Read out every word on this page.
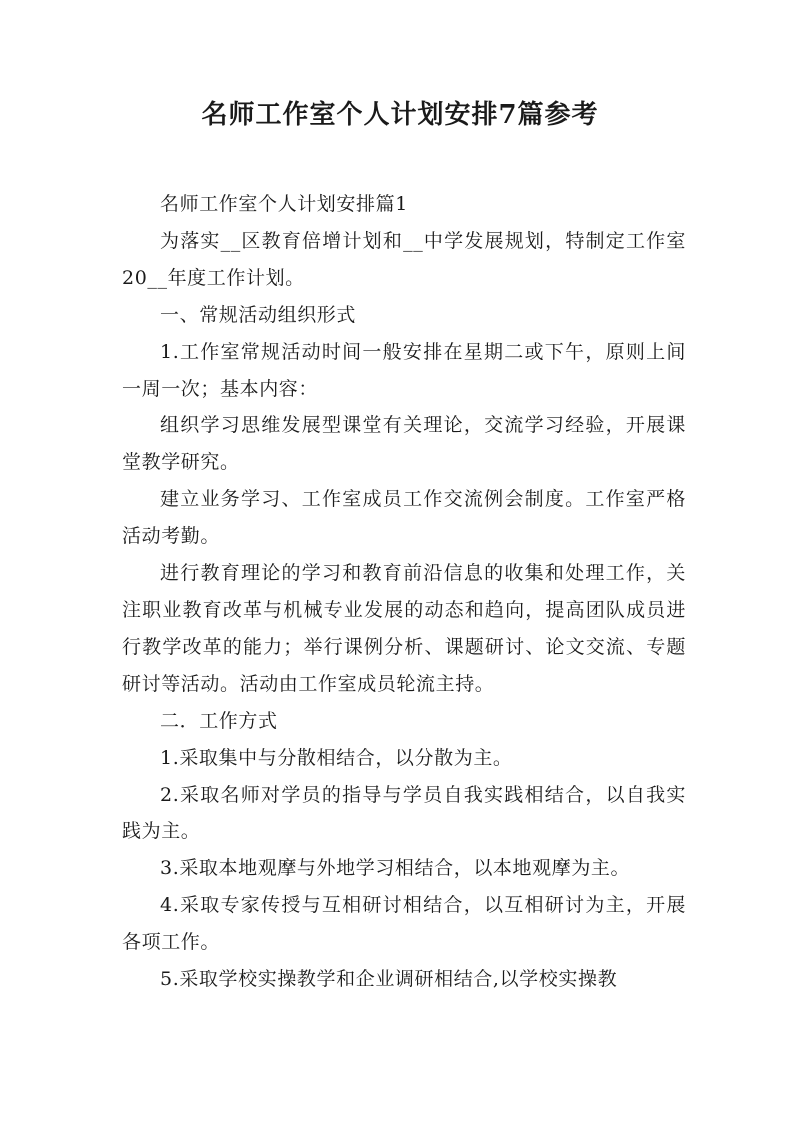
名师工作室个人计划安排7篇参考

名师工作室个人计划安排篇1

为落实__区教育倍增计划和__中学发展规划，特制定工作室20__年度工作计划。

一、常规活动组织形式

1.工作室常规活动时间一般安排在星期二或下午，原则上间一周一次；基本内容：

组织学习思维发展型课堂有关理论，交流学习经验，开展课堂教学研究。

建立业务学习、工作室成员工作交流例会制度。工作室严格活动考勤。

进行教育理论的学习和教育前沿信息的收集和处理工作，关注职业教育改革与机械专业发展的动态和趋向，提高团队成员进行教学改革的能力；举行课例分析、课题研讨、论文交流、专题研讨等活动。活动由工作室成员轮流主持。

二．工作方式

1.采取集中与分散相结合，以分散为主。

2.采取名师对学员的指导与学员自我实践相结合，以自我实践为主。

3.采取本地观摩与外地学习相结合，以本地观摩为主。

4.采取专家传授与互相研讨相结合，以互相研讨为主，开展各项工作。

5.采取学校实操教学和企业调研相结合,以学校实操教
